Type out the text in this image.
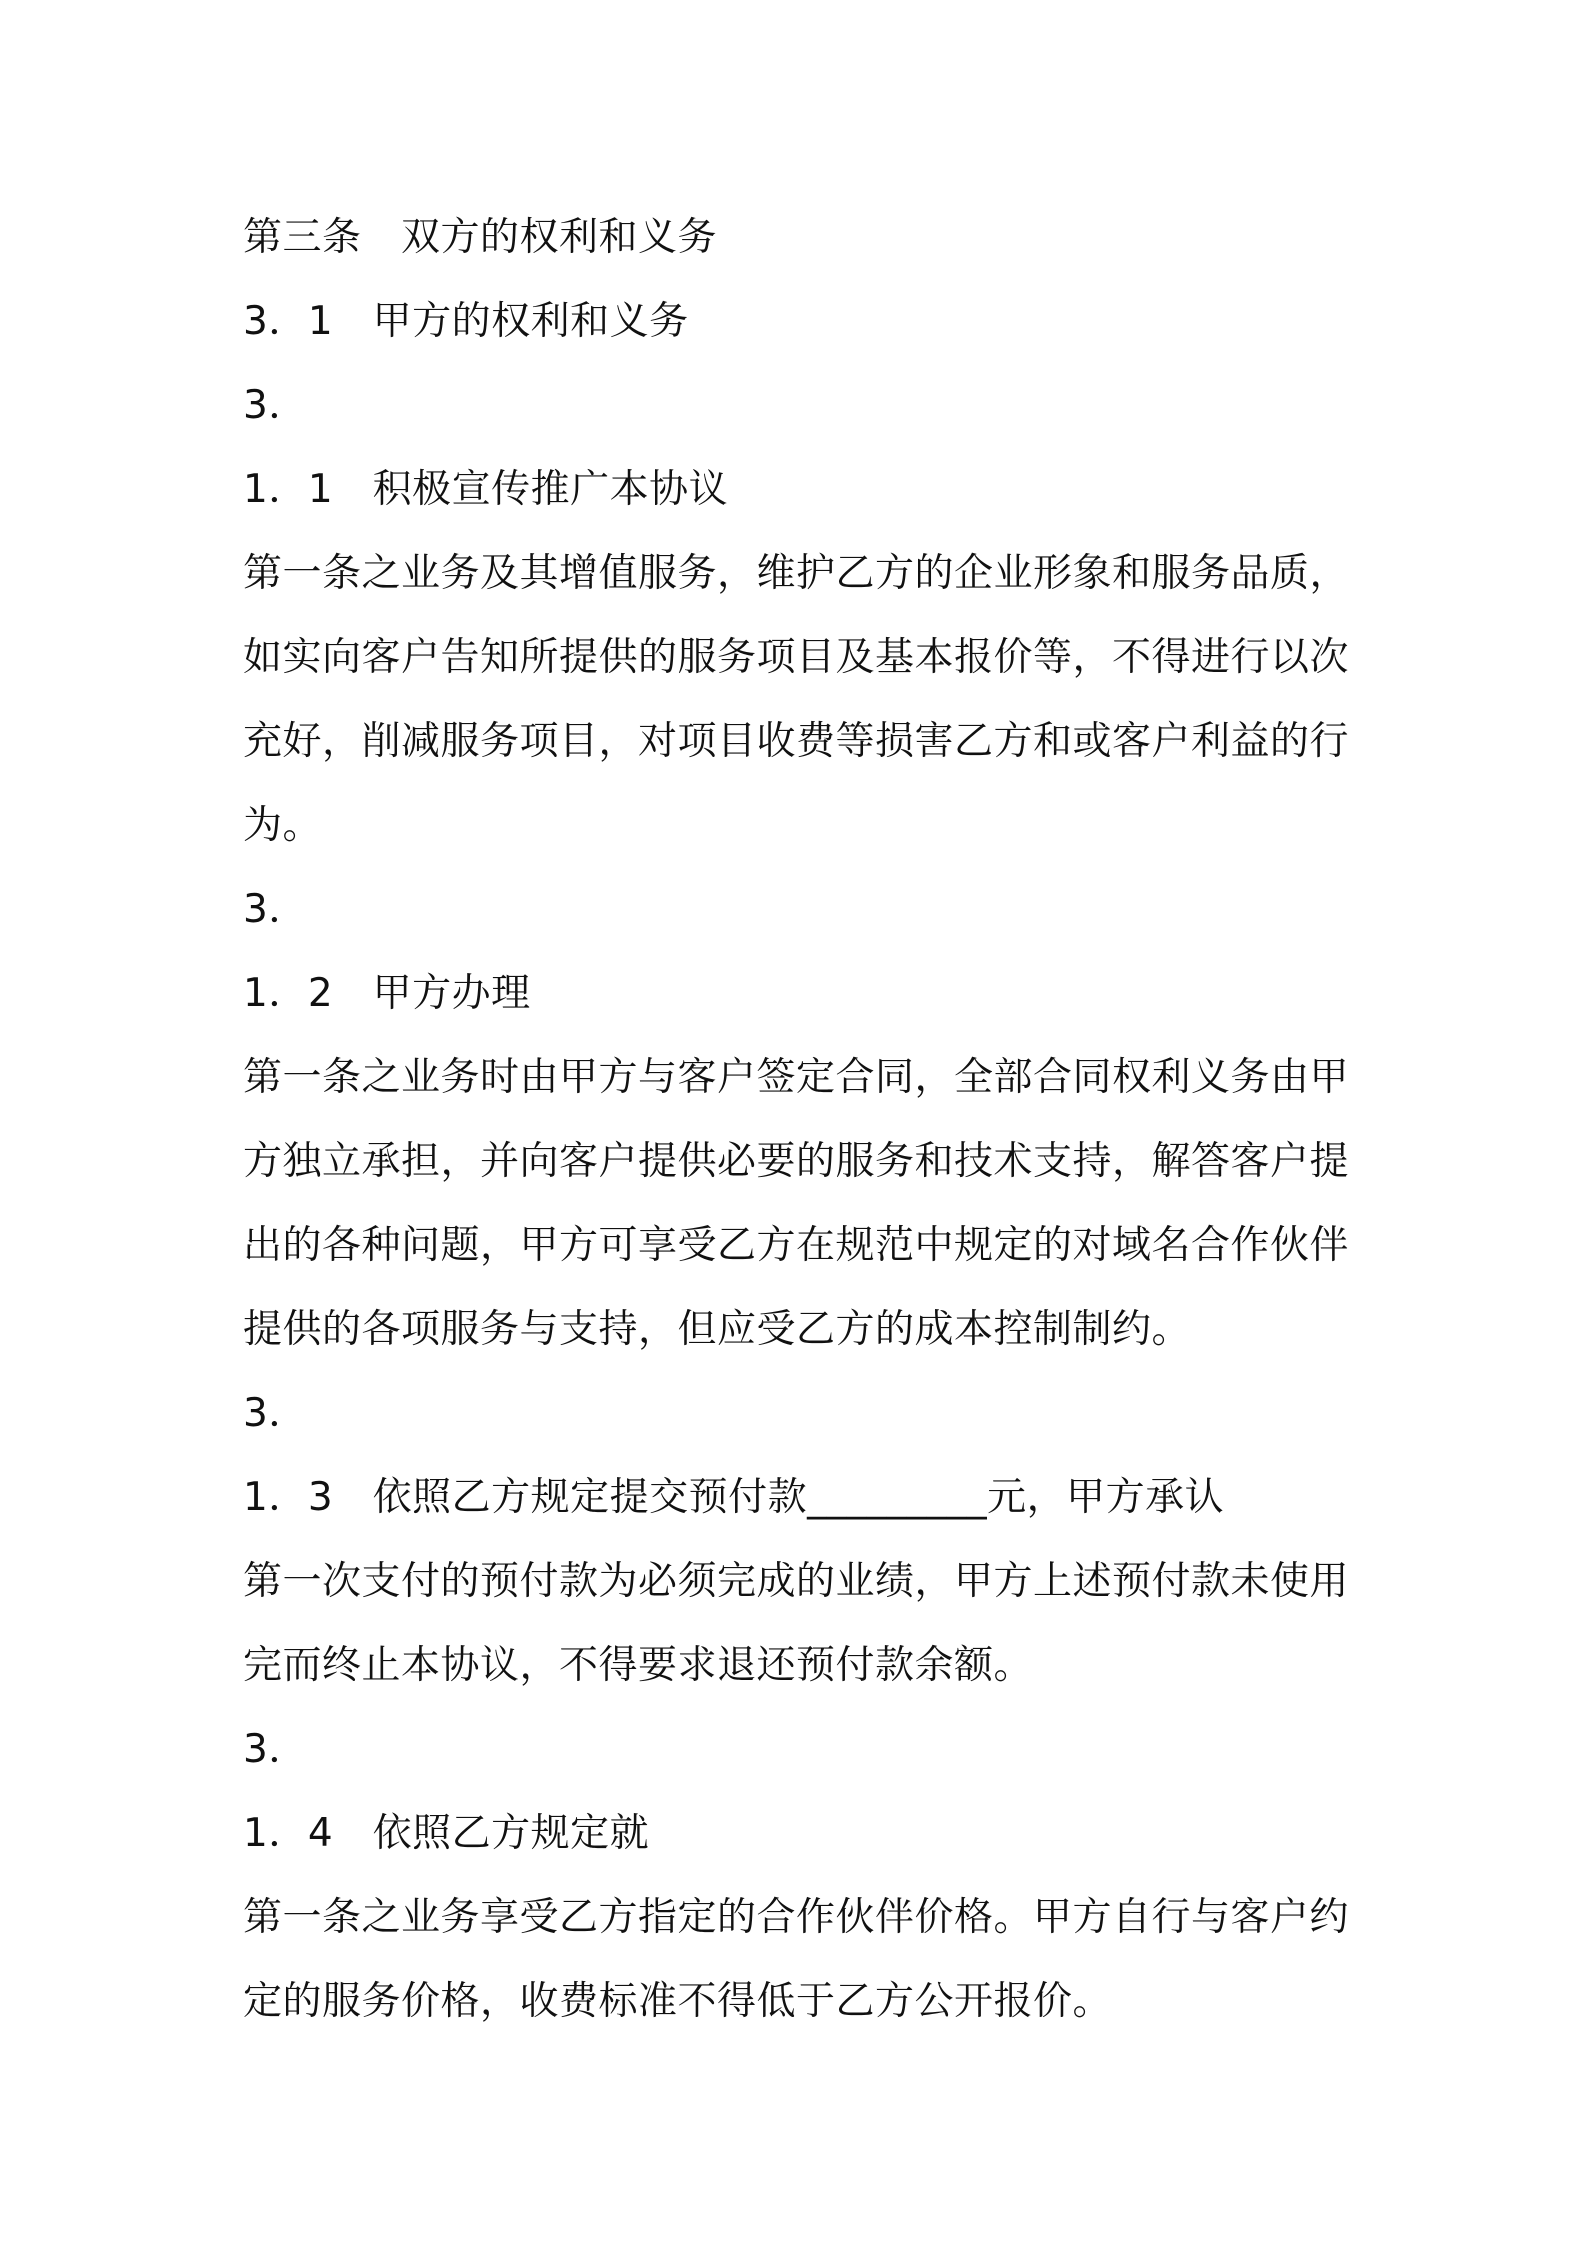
第三条　双方的权利和义务

3．1　甲方的权利和义务

3．

1．1　积极宣传推广本协议

第一条之业务及其增值服务，维护乙方的企业形象和服务品质，

如实向客户告知所提供的服务项目及基本报价等，不得进行以次

充好，削减服务项目，对项目收费等损害乙方和或客户利益的行

为。

3．

1．2　甲方办理

第一条之业务时由甲方与客户签定合同，全部合同权利义务由甲

方独立承担，并向客户提供必要的服务和技术支持，解答客户提

出的各种问题，甲方可享受乙方在规范中规定的对域名合作伙伴

提供的各项服务与支持，但应受乙方的成本控制制约。

3．

1．3　依照乙方规定提交预付款_________元，甲方承认

第一次支付的预付款为必须完成的业绩，甲方上述预付款未使用

完而终止本协议，不得要求退还预付款余额。

3．

1．4　依照乙方规定就

第一条之业务享受乙方指定的合作伙伴价格。甲方自行与客户约

定的服务价格，收费标准不得低于乙方公开报价。
